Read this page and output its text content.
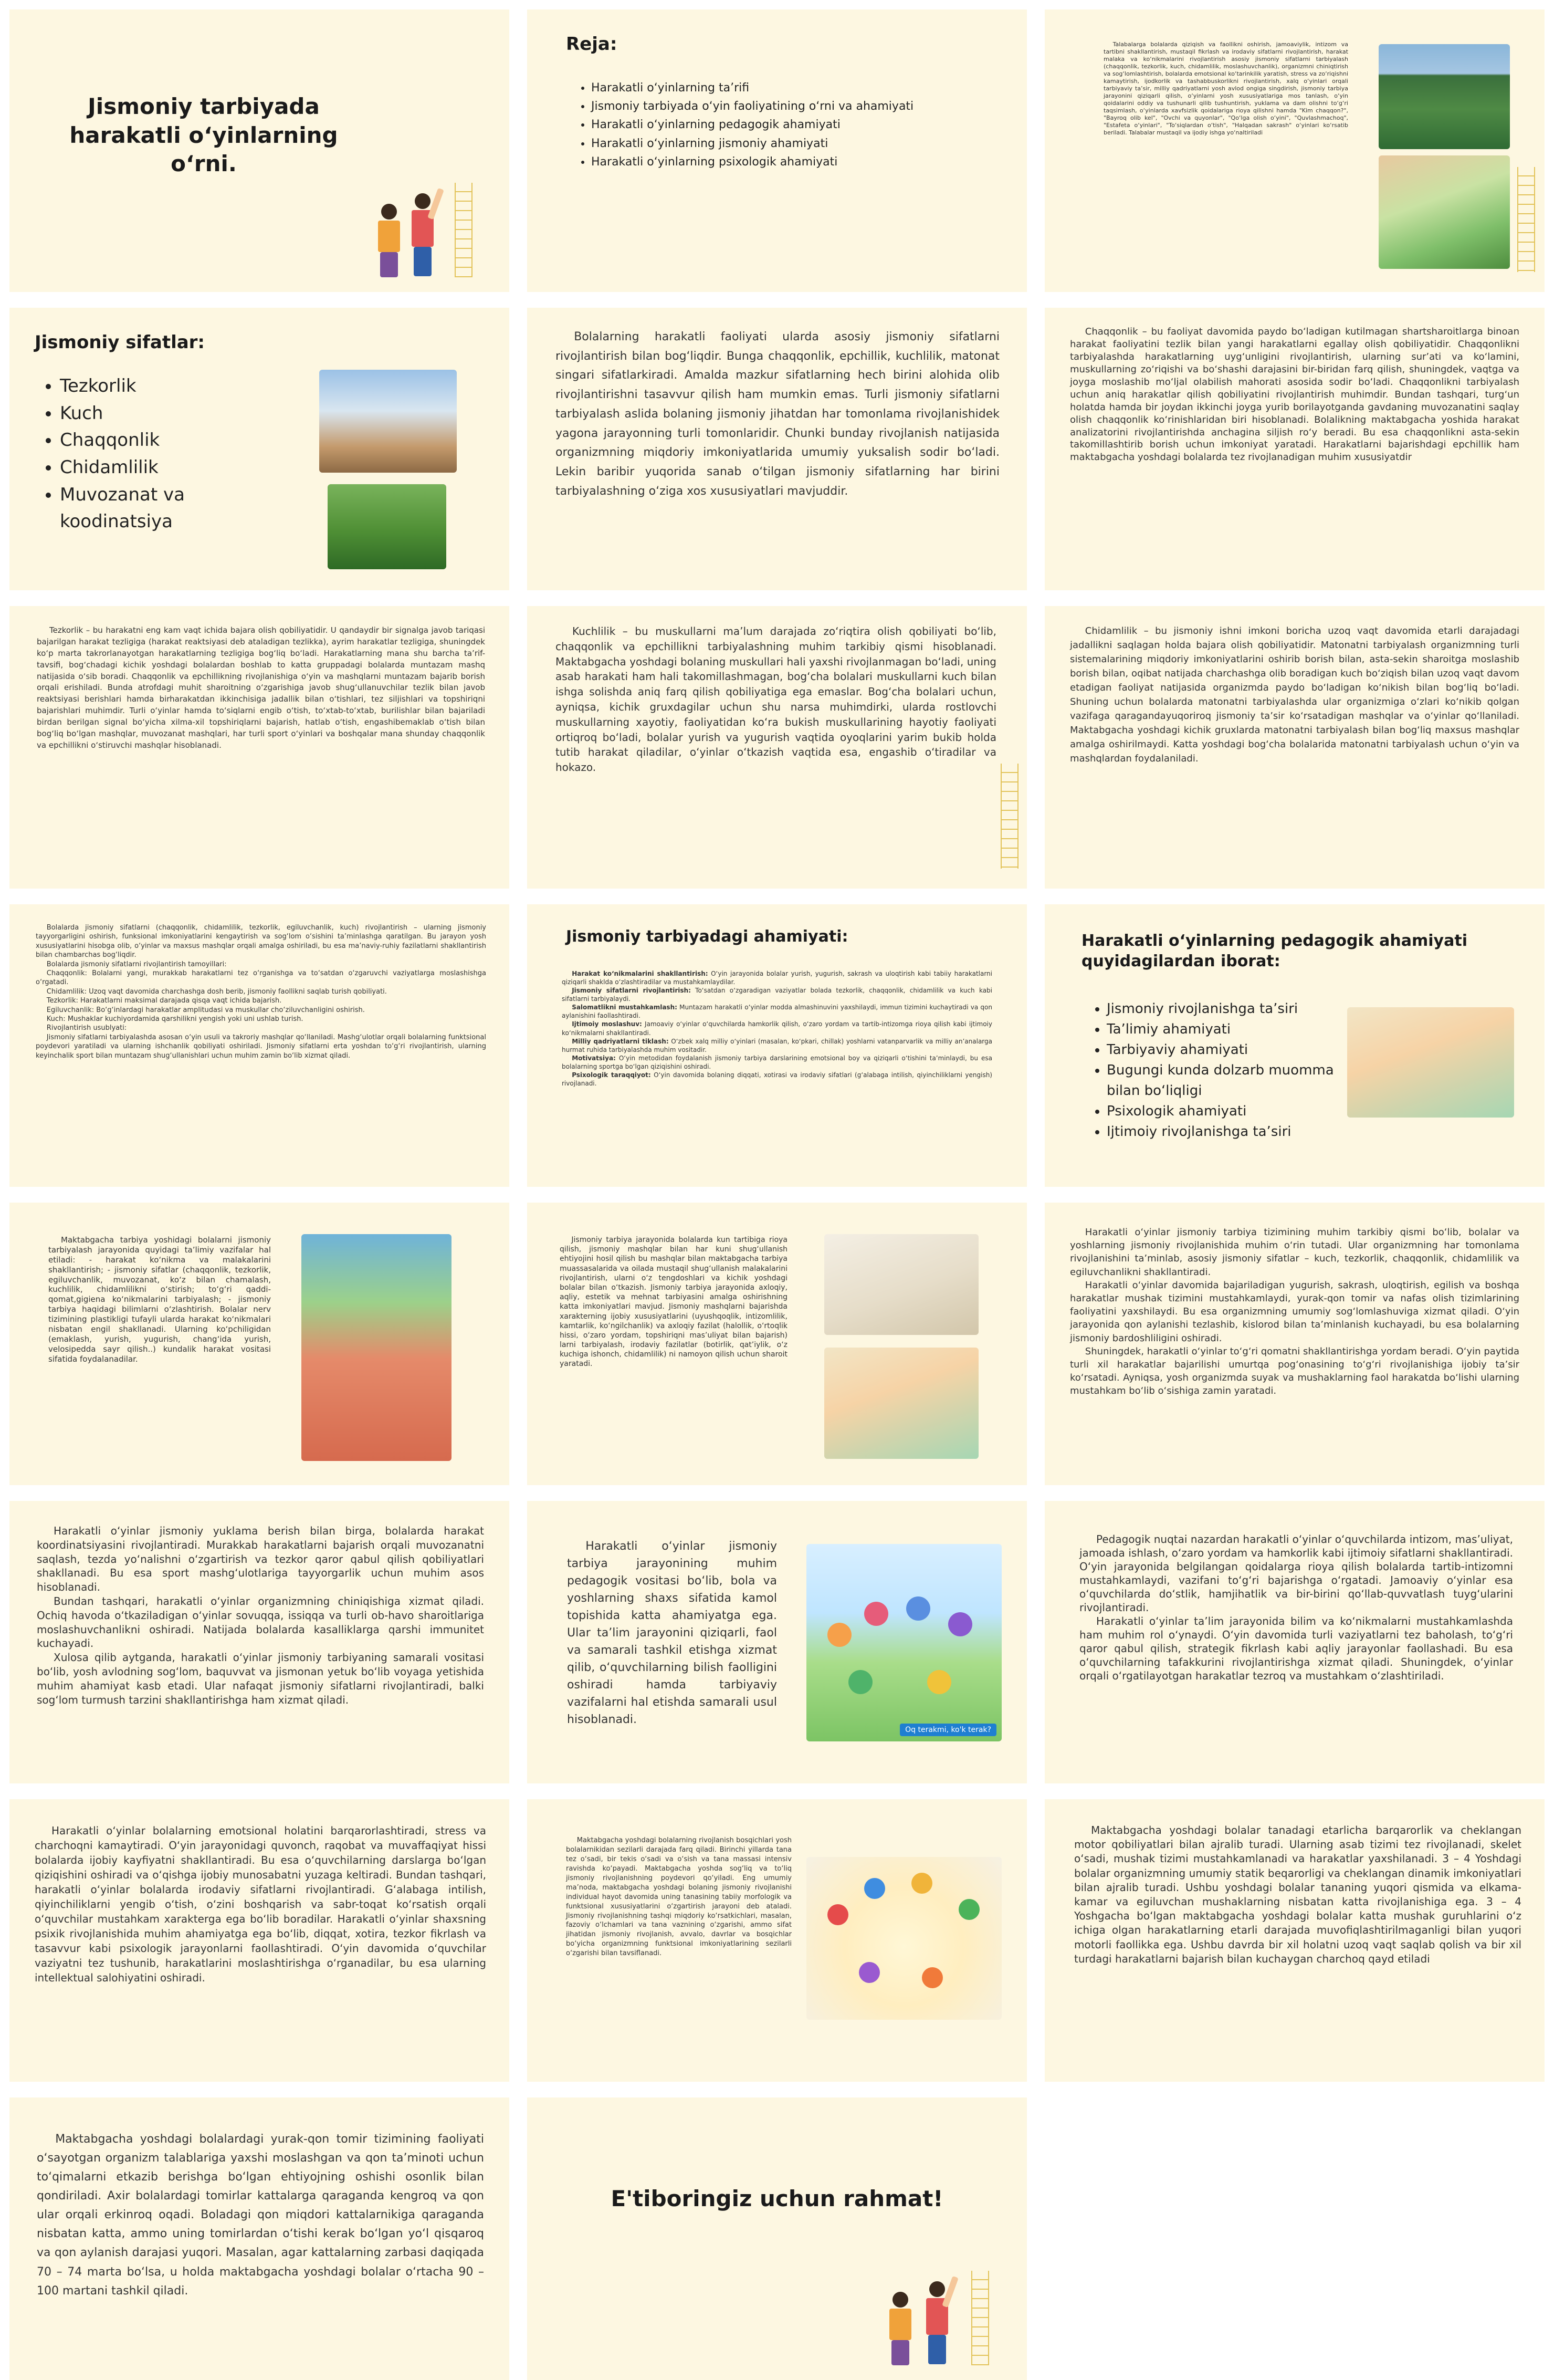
Jismoniy tarbiyada harakatli o‘yinlarning o‘rni.
Reja:
• Harakatli o‘yinlarning ta’rifi
• Jismoniy tarbiyada o‘yin faoliyatining o‘rni va ahamiyati
• Harakatli o‘yinlarning pedagogik ahamiyati
• Harakatli o‘yinlarning jismoniy ahamiyati
• Harakatli o‘yinlarning psixologik ahamiyati

Talabalarga bolalarda qiziqish va faollikni oshirish, jamoaviylik, intizom va tartibni shakllantirish, mustaqil fikrlash va irodaviy sifatlarni rivojlantirish, harakat malaka va ko‘nikmalarini rivojlantirish asosiy jismoniy sifatlarni tarbiyalash (chaqqonlik, tezkorlik, kuch, chidamlilik, moslashuvchanlik), organizmni chiniqtirish va sog‘lomlashtirish, bolalarda emotsional ko‘tarinkilik yaratish, stress va zo‘riqishni kamaytirish, ijodkorlik va tashabbuskorlikni rivojlantirish, xalq o‘yinlari orqali tarbiyaviy ta’sir, milliy qadriyatlarni yosh avlod ongiga singdirish, jismoniy tarbiya jarayonini qiziqarli qilish, o‘yinlarni yosh xususiyatlariga mos tanlash, o‘yin qoidalarini oddiy va tushunarli qilib tushuntirish, yuklama va dam olishni to‘g‘ri taqsimlash, o‘yinlarda xavfsizlik qoidalariga rioya qilishni hamda "Kim chaqqon?", "Bayroq olib kel", "Ovchi va quyonlar", "Qo‘lga olish o‘yini", "Quvlashmachoq", "Estafeta o‘yinlari", "To‘siqlardan o‘tish", "Halqadan sakrash" o‘yinlari ko‘rsatib beriladi. Talabalar mustaqil va ijodiy ishga yo‘naltiriladi

Jismoniy sifatlar:
• Tezkorlik
• Kuch
• Chaqqonlik
• Chidamlilik
• Muvozanat va koodinatsiya

Bolalarning harakatli faoliyati ularda asosiy jismoniy sifatlarni rivojlantirish bilan bog‘liqdir. Bunga chaqqonlik, epchillik, kuchlilik, matonat singari sifatlarkiradi. Amalda mazkur sifatlarning hech birini alohida olib rivojlantirishni tasavvur qilish ham mumkin emas. Turli jismoniy sifatlarni tarbiyalash aslida bolaning jismoniy jihatdan har tomonlama rivojlanishidek yagona jarayonning turli tomonlaridir. Chunki bunday rivojlanish natijasida organizmning miqdoriy imkoniyatlarida umumiy yuksalish sodir bo‘ladi. Lekin baribir yuqorida sanab o‘tilgan jismoniy sifatlarning har birini tarbiyalashning o‘ziga xos xususiyatlari mavjuddir.

Chaqqonlik – bu faoliyat davomida paydo bo‘ladigan kutilmagan shartsharoitlarga binoan harakat faoliyatini tezlik bilan yangi harakatlarni egallay olish qobiliyatidir. Chaqqonlikni tarbiyalashda harakatlarning uyg‘unligini rivojlantirish, ularning sur’ati va ko‘lamini, muskullarning zo‘riqishi va bo‘shashi darajasini bir-biridan farq qilish, shuningdek, vaqtga va joyga moslashib mo‘ljal olabilish mahorati asosida sodir bo‘ladi. Chaqqonlikni tarbiyalash uchun aniq harakatlar qilish qobiliyatini rivojlantirish muhimdir. Bundan tashqari, turg‘un holatda hamda bir joydan ikkinchi joyga yurib borilayotganda gavdaning muvozanatini saqlay olish chaqqonlik ko‘rinishlaridan biri hisoblanadi. Bolalikning maktabgacha yoshida harakat analizatorini rivojlantirishda anchagina siljish ro‘y beradi. Bu esa chaqqonlikni asta-sekin takomillashtirib borish uchun imkoniyat yaratadi. Harakatlarni bajarishdagi epchillik ham maktabgacha yoshdagi bolalarda tez rivojlanadigan muhim xususiyatdir

Tezkorlik – bu harakatni eng kam vaqt ichida bajara olish qobiliyatidir. U qandaydir bir signalga javob tariqasi bajarilgan harakat tezligiga (harakat reaktsiyasi deb ataladigan tezlikka), ayrim harakatlar tezligiga, shuningdek ko‘p marta takrorlanayotgan harakatlarning tezligiga bog‘liq bo‘ladi. Harakatlarning mana shu barcha ta’rif-tavsifi, bog‘chadagi kichik yoshdagi bolalardan boshlab to katta gruppadagi bolalarda muntazam mashq natijasida o‘sib boradi. Chaqqonlik va epchillikning rivojlanishiga o‘yin va mashqlarni muntazam bajarib borish orqali erishiladi. Bunda atrofdagi muhit sharoitning o‘zgarishiga javob shug‘ullanuvchilar tezlik bilan javob reaktsiyasi berishlari hamda birharakatdan ikkinchisiga jadallik bilan o‘tishlari, tez siljishlari va topshiriqni bajarishlari muhimdir. Turli o‘yinlar hamda to‘siqlarni engib o‘tish, to‘xtab-to‘xtab, burilishlar bilan bajariladi birdan berilgan signal bo‘yicha xilma-xil topshiriqlarni bajarish, hatlab o‘tish, engashibemaklab o‘tish bilan bog‘liq bo‘lgan mashqlar, muvozanat mashqlari, har turli sport o‘yinlari va boshqalar mana shunday chaqqonlik va epchillikni o‘stiruvchi mashqlar hisoblanadi.

Kuchlilik – bu muskullarni ma’lum darajada zo‘riqtira olish qobiliyati bo‘lib, chaqqonlik va epchillikni tarbiyalashning muhim tarkibiy qismi hisoblanadi. Maktabgacha yoshdagi bolaning muskullari hali yaxshi rivojlanmagan bo‘ladi, uning asab harakati ham hali takomillashmagan, bog‘cha bolalari muskullarni kuch bilan ishga solishda aniq farq qilish qobiliyatiga ega emaslar. Bog‘cha bolalari uchun, ayniqsa, kichik gruxdagilar uchun shu narsa muhimdirki, ularda rostlovchi muskullarning xayotiy, faoliyatidan ko‘ra bukish muskullarining hayotiy faoliyati ortiqroq bo‘ladi, bolalar yurish va yugurish vaqtida oyoqlarini yarim bukib holda tutib harakat qiladilar, o‘yinlar o‘tkazish vaqtida esa, engashib o‘tiradilar va hokazo.

Chidamlilik – bu jismoniy ishni imkoni boricha uzoq vaqt davomida etarli darajadagi jadallikni saqlagan holda bajara olish qobiliyatidir. Matonatni tarbiyalash organizmning turli sistemalarining miqdoriy imkoniyatlarini oshirib borish bilan, asta-sekin sharoitga moslashib borish bilan, oqibat natijada charchashga olib boradigan kuch bo‘ziqish bilan uzoq vaqt davom etadigan faoliyat natijasida organizmda paydo bo‘ladigan ko‘nikish bilan bog‘liq bo‘ladi. Shuning uchun bolalarda matonatni tarbiyalashda ular organizmiga o‘zlari ko‘nikib qolgan vazifaga qaragandayuqoriroq jismoniy ta’sir ko‘rsatadigan mashqlar va o‘yinlar qo‘llaniladi. Maktabgacha yoshdagi kichik gruxlarda matonatni tarbiyalash bilan bog‘liq maxsus mashqlar amalga oshirilmaydi. Katta yoshdagi bog‘cha bolalarida matonatni tarbiyalash uchun o‘yin va mashqlardan foydalaniladi.

Bolalarda jismoniy sifatlarni (chaqqonlik, chidamlilik, tezkorlik, egiluvchanlik, kuch) rivojlantirish – ularning jismoniy tayyorgarligini oshirish, funksional imkoniyatlarini kengaytirish va sog‘lom o‘sishini ta’minlashga qaratilgan. Bu jarayon yosh xususiyatlarini hisobga olib, o‘yinlar va maxsus mashqlar orqali amalga oshiriladi, bu esa ma’naviy-ruhiy fazilatlarni shakllantirish bilan chambarchas bog‘liqdir.

Bolalarda jismoniy sifatlarni rivojlantirish tamoyillari:

Chaqqonlik: Bolalarni yangi, murakkab harakatlarni tez o‘rganishga va to‘satdan o‘zgaruvchi vaziyatlarga moslashishga o‘rgatadi.

Chidamlilik: Uzoq vaqt davomida charchashga dosh berib, jismoniy faollikni saqlab turish qobiliyati.

Tezkorlik: Harakatlarni maksimal darajada qisqa vaqt ichida bajarish.

Egiluvchanlik: Bo‘g‘inlardagi harakatlar amplitudasi va muskullar cho‘ziluvchanligini oshirish.

Kuch: Mushaklar kuchiyordamida qarshilikni yengish yoki uni ushlab turish.

Rivojlantirish usublyati:

Jismoniy sifatlarni tarbiyalashda asosan o‘yin usuli va takroriy mashqlar qo‘llaniladi. Mashg‘ulotlar orqali bolalarning funktsional poydevori yaratiladi va ularning ishchanlik qobiliyati oshiriladi. Jismoniy sifatlarni erta yoshdan to‘g‘ri rivojlantirish, ularning keyinchalik sport bilan muntazam shug‘ullanishlari uchun muhim zamin bo‘lib xizmat qiladi.

Jismoniy tarbiyadagi ahamiyati:

Harakat ko‘nikmalarini shakllantirish: O‘yin jarayonida bolalar yurish, yugurish, sakrash va uloqtirish kabi tabiiy harakatlarni qiziqarli shaklda o‘zlashtiradilar va mustahkamlaydilar.

Jismoniy sifatlarni rivojlantirish: To‘satdan o‘zgaradigan vaziyatlar bolada tezkorlik, chaqqonlik, chidamlilik va kuch kabi sifatlarni tarbiyalaydi.

Salomatlikni mustahkamlash: Muntazam harakatli o‘yinlar modda almashinuvini yaxshilaydi, immun tizimini kuchaytiradi va qon aylanishini faollashtiradi.

Ijtimoiy moslashuv: Jamoaviy o‘yinlar o‘quvchilarda hamkorlik qilish, o‘zaro yordam va tartib-intizomga rioya qilish kabi ijtimoiy ko‘nikmalarni shakllantiradi.

Milliy qadriyatlarni tiklash: O‘zbek xalq milliy o‘yinlari (masalan, ko‘pkari, chillak) yoshlarni vatanparvarlik va milliy an’analarga hurmat ruhida tarbiyalashda muhim vositadir.

Motivatsiya: O‘yin metodidan foydalanish jismoniy tarbiya darslarining emotsional boy va qiziqarli o‘tishini ta’minlaydi, bu esa bolalarning sportga bo‘lgan qiziqishini oshiradi.

Psixologik taraqqiyot: O‘yin davomida bolaning diqqati, xotirasi va irodaviy sifatlari (g‘alabaga intilish, qiyinchiliklarni yengish) rivojlanadi.

Harakatli o‘yinlarning pedagogik ahamiyati quyidagilardan iborat:
• Jismoniy rivojlanishga ta’siri
• Ta’limiy ahamiyati
• Tarbiyaviy ahamiyati
• Bugungi kunda dolzarb muomma bilan bo‘liqligi
• Psixologik ahamiyati
• Ijtimoiy rivojlanishga ta’siri

Maktabgacha tarbiya yoshidagi bolalarni jismoniy tarbiyalash jarayonida quyidagi ta’limiy vazifalar hal etiladi: - harakat ko‘nikma va malakalarini shakllantirish; - jismoniy sifatlar (chaqqonlik, tezkorlik, egiluvchanlik, muvozanat, ko‘z bilan chamalash, kuchlilik, chidamlilikni o‘stirish; to‘g‘ri qaddi-qomat,gigiena ko‘nikmalarini tarbiyalash; - jismoniy tarbiya haqidagi bilimlarni o‘zlashtirish. Bolalar nerv tizimining plastikligi tufayli ularda harakat ko‘nikmalari nisbatan engil shakllanadi. Ularning ko‘pchiligidan (emaklash, yurish, yugurish, chang‘ida yurish, velosipedda sayr qilish..) kundalik harakat vositasi sifatida foydalanadilar.

Jismoniy tarbiya jarayonida bolalarda kun tartibiga rioya qilish, jismoniy mashqlar bilan har kuni shug‘ullanish ehtiyojini hosil qilish bu mashqlar bilan maktabgacha tarbiya muassasalarida va oilada mustaqil shug‘ullanish malakalarini rivojlantirish, ularni o‘z tengdoshlari va kichik yoshdagi bolalar bilan o‘tkazish. Jismoniy tarbiya jarayonida axloqiy, aqliy, estetik va mehnat tarbiyasini amalga oshirishning katta imkoniyatlari mavjud. Jismoniy mashqlarni bajarishda xarakterning ijobiy xususiyatlarini (uyushqoqlik, intizomlilik, kamtarlik, ko‘ngilchanlik) va axloqiy fazilat (halollik, o‘rtoqlik hissi, o‘zaro yordam, topshiriqni mas’uliyat bilan bajarish) larni tarbiyalash, irodaviy fazilatlar (botirlik, qat’iylik, o‘z kuchiga ishonch, chidamlilik) ni namoyon qilish uchun sharoit yaratadi.

Harakatli o‘yinlar jismoniy tarbiya tizimining muhim tarkibiy qismi bo‘lib, bolalar va yoshlarning jismoniy rivojlanishida muhim o‘rin tutadi. Ular organizmning har tomonlama rivojlanishini ta’minlab, asosiy jismoniy sifatlar – kuch, tezkorlik, chaqqonlik, chidamlilik va egiluvchanlikni shakllantiradi.

Harakatli o‘yinlar davomida bajariladigan yugurish, sakrash, uloqtirish, egilish va boshqa harakatlar mushak tizimini mustahkamlaydi, yurak-qon tomir va nafas olish tizimlarining faoliyatini yaxshilaydi. Bu esa organizmning umumiy sog‘lomlashuviga xizmat qiladi. O‘yin jarayonida qon aylanishi tezlashib, kislorod bilan ta’minlanish kuchayadi, bu esa bolalarning jismoniy bardoshliligini oshiradi.

Shuningdek, harakatli o‘yinlar to‘g‘ri qomatni shakllantirishga yordam beradi. O‘yin paytida turli xil harakatlar bajarilishi umurtqa pog‘onasining to‘g‘ri rivojlanishiga ijobiy ta’sir ko‘rsatadi. Ayniqsa, yosh organizmda suyak va mushaklarning faol harakatda bo‘lishi ularning mustahkam bo‘lib o‘sishiga zamin yaratadi.

Harakatli o‘yinlar jismoniy yuklama berish bilan birga, bolalarda harakat koordinatsiyasini rivojlantiradi. Murakkab harakatlarni bajarish orqali muvozanatni saqlash, tezda yo‘nalishni o‘zgartirish va tezkor qaror qabul qilish qobiliyatlari shakllanadi. Bu esa sport mashg‘ulotlariga tayyorgarlik uchun muhim asos hisoblanadi.

Bundan tashqari, harakatli o‘yinlar organizmning chiniqishiga xizmat qiladi. Ochiq havoda o‘tkaziladigan o‘yinlar sovuqqa, issiqqa va turli ob-havo sharoitlariga moslashuvchanlikni oshiradi. Natijada bolalarda kasalliklarga qarshi immunitet kuchayadi.

Xulosa qilib aytganda, harakatli o‘yinlar jismoniy tarbiyaning samarali vositasi bo‘lib, yosh avlodning sog‘lom, baquvvat va jismonan yetuk bo‘lib voyaga yetishida muhim ahamiyat kasb etadi. Ular nafaqat jismoniy sifatlarni rivojlantiradi, balki sog‘lom turmush tarzini shakllantirishga ham xizmat qiladi.

Harakatli o‘yinlar jismoniy tarbiya jarayonining muhim pedagogik vositasi bo‘lib, bola va yoshlarning shaxs sifatida kamol topishida katta ahamiyatga ega. Ular ta’lim jarayonini qiziqarli, faol va samarali tashkil etishga xizmat qilib, o‘quvchilarning bilish faolligini oshiradi hamda tarbiyaviy vazifalarni hal etishda samarali usul hisoblanadi.

Oq terakmi, ko'k terak?

Pedagogik nuqtai nazardan harakatli o‘yinlar o‘quvchilarda intizom, mas’uliyat, jamoada ishlash, o‘zaro yordam va hamkorlik kabi ijtimoiy sifatlarni shakllantiradi. O‘yin jarayonida belgilangan qoidalarga rioya qilish bolalarda tartib-intizomni mustahkamlaydi, vazifani to‘g‘ri bajarishga o‘rgatadi. Jamoaviy o‘yinlar esa o‘quvchilarda do‘stlik, hamjihatlik va bir-birini qo‘llab-quvvatlash tuyg‘ularini rivojlantiradi.

Harakatli o‘yinlar ta’lim jarayonida bilim va ko‘nikmalarni mustahkamlashda ham muhim rol o‘ynaydi. O‘yin davomida turli vaziyatlarni tez baholash, to‘g‘ri qaror qabul qilish, strategik fikrlash kabi aqliy jarayonlar faollashadi. Bu esa o‘quvchilarning tafakkurini rivojlantirishga xizmat qiladi. Shuningdek, o‘yinlar orqali o‘rgatilayotgan harakatlar tezroq va mustahkam o‘zlashtiriladi.

Harakatli o‘yinlar bolalarning emotsional holatini barqarorlashtiradi, stress va charchoqni kamaytiradi. O‘yin jarayonidagi quvonch, raqobat va muvaffaqiyat hissi bolalarda ijobiy kayfiyatni shakllantiradi. Bu esa o‘quvchilarning darslarga bo‘lgan qiziqishini oshiradi va o‘qishga ijobiy munosabatni yuzaga keltiradi. Bundan tashqari, harakatli o‘yinlar bolalarda irodaviy sifatlarni rivojlantiradi. G‘alabaga intilish, qiyinchiliklarni yengib o‘tish, o‘zini boshqarish va sabr-toqat ko‘rsatish orqali o‘quvchilar mustahkam xarakterga ega bo‘lib boradilar. Harakatli o‘yinlar shaxsning psixik rivojlanishida muhim ahamiyatga ega bo‘lib, diqqat, xotira, tezkor fikrlash va tasavvur kabi psixologik jarayonlarni faollashtiradi. O‘yin davomida o‘quvchilar vaziyatni tez tushunib, harakatlarini moslashtirishga o‘rganadilar, bu esa ularning intellektual salohiyatini oshiradi.

Maktabgacha yoshdagi bolalarning rivojlanish bosqichlari yosh bolalarnikidan sezilarli darajada farq qiladi. Birinchi yillarda tana tez o‘sadi, bir tekis o‘sadi va o‘sish va tana massasi intensiv ravishda ko‘payadi. Maktabgacha yoshda sog‘liq va to‘liq jismoniy rivojlanishning poydevori qo‘yiladi. Eng umumiy ma’noda, maktabgacha yoshdagi bolaning jismoniy rivojlanishi individual hayot davomida uning tanasining tabiiy morfologik va funktsional xususiyatlarini o‘zgartirish jarayoni deb ataladi. Jismoniy rivojlanishning tashqi miqdoriy ko‘rsatkichlari, masalan, fazoviy o‘lchamlari va tana vaznining o‘zgarishi, ammo sifat jihatidan jismoniy rivojlanish, avvalo, davrlar va bosqichlar bo‘yicha organizmning funktsional imkoniyatlarining sezilarli o‘zgarishi bilan tavsiflanadi.

Maktabgacha yoshdagi bolalar tanadagi etarlicha barqarorlik va cheklangan motor qobiliyatlari bilan ajralib turadi. Ularning asab tizimi tez rivojlanadi, skelet o‘sadi, mushak tizimi mustahkamlanadi va harakatlar yaxshilanadi. 3 – 4 Yoshdagi bolalar organizmning umumiy statik beqarorligi va cheklangan dinamik imkoniyatlari bilan ajralib turadi. Ushbu yoshdagi bolalar tananing yuqori qismida va elkama-kamar va egiluvchan mushaklarning nisbatan katta rivojlanishiga ega. 3 – 4 Yoshgacha bo‘lgan maktabgacha yoshdagi bolalar katta mushak guruhlarini o‘z ichiga olgan harakatlarning etarli darajada muvofiqlashtirilmaganligi bilan yuqori motorli faollikka ega. Ushbu davrda bir xil holatni uzoq vaqt saqlab qolish va bir xil turdagi harakatlarni bajarish bilan kuchaygan charchoq qayd etiladi

Maktabgacha yoshdagi bolalardagi yurak-qon tomir tizimining faoliyati o‘sayotgan organizm talablariga yaxshi moslashgan va qon ta’minoti uchun to‘qimalarni etkazib berishga bo‘lgan ehtiyojning oshishi osonlik bilan qondiriladi. Axir bolalardagi tomirlar kattalarga qaraganda kengroq va qon ular orqali erkinroq oqadi. Boladagi qon miqdori kattalarnikiga qaraganda nisbatan katta, ammo uning tomirlardan o‘tishi kerak bo‘lgan yo‘l qisqaroq va qon aylanish darajasi yuqori. Masalan, agar kattalarning zarbasi daqiqada 70 – 74 marta bo‘lsa, u holda maktabgacha yoshdagi bolalar o‘rtacha 90 – 100 martani tashkil qiladi.

E'tiboringiz uchun rahmat!
